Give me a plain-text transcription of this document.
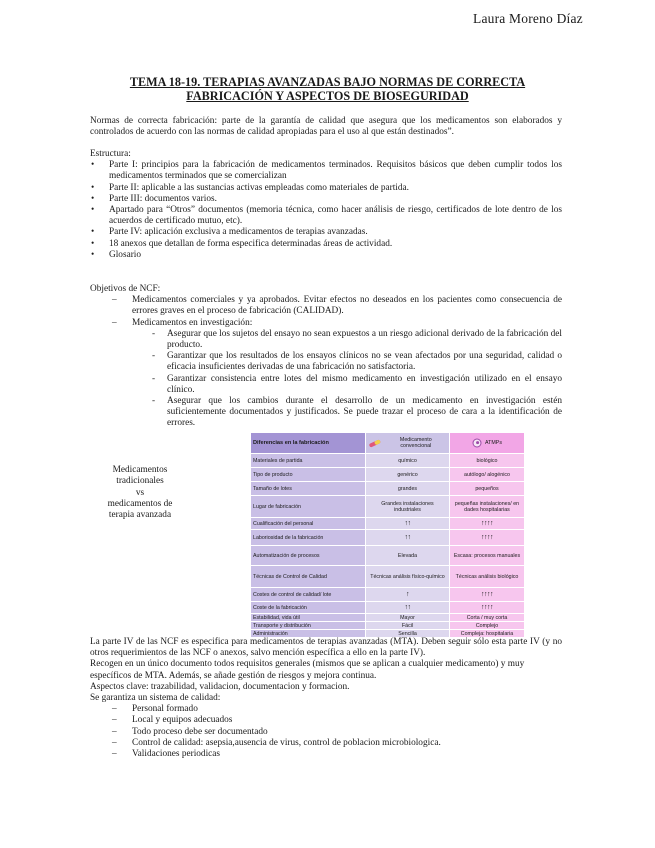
Laura Moreno Díaz
TEMA 18-19. TERAPIAS AVANZADAS BAJO NORMAS DE CORRECTA
FABRICACIÓN Y ASPECTOS DE BIOSEGURIDAD
Normas de correcta fabricación: parte de la garantía de calidad que asegura que los medicamentos son elaborados y controlados de acuerdo con las normas de calidad apropiadas para el uso al que están destinados”.
Estructura:
• Parte I: principios para la fabricación de medicamentos terminados. Requisitos básicos que deben cumplir todos los medicamentos terminados que se comercializan
• Parte II: aplicable a las sustancias activas empleadas como materiales de partida.
• Parte III: documentos varios.
• Apartado para “Otros” documentos (memoria técnica, como hacer análisis de riesgo, certificados de lote dentro de los acuerdos de certificado mutuo, etc).
• Parte IV: aplicación exclusiva a medicamentos de terapias avanzadas.
• 18 anexos que detallan de forma especifica determinadas áreas de actividad.
• Glosario
Objetivos de NCF:
– Medicamentos comerciales y ya aprobados. Evitar efectos no deseados en los pacientes como consecuencia de errores graves en el proceso de fabricación (CALIDAD).
– Medicamentos en investigación:
- Asegurar que los sujetos del ensayo no sean expuestos a un riesgo adicional derivado de la fabricación del producto.
- Garantizar que los resultados de los ensayos clínicos no se vean afectados por una seguridad, calidad o eficacia insuficientes derivadas de una fabricación no satisfactoria.
- Garantizar consistencia entre lotes del mismo medicamento en investigación utilizado en el ensayo clínico.
- Asegurar que los cambios durante el desarrollo de un medicamento en investigación estén suficientemente documentados y justificados. Se puede trazar el proceso de cara a la identificación de errores.
Medicamentos
tradicionales
vs
medicamentos de
terapia avanzada
Diferencias en la fabricación	Medicamento convencional	ATMPs

Materiales de partida	químico	biológico
Tipo de producto	genérico	autólogo/ alogénico
Tamaño de lotes	grandes	pequeños
Lugar de fabricación	Grandes instalaciones industriales	pequeñas instalaciones/ en dades hospitalarias
Cualificación del personal	↑↑	↑↑↑↑
Laboriosidad de la fabricación	↑↑	↑↑↑↑
Automatización de procesos	Elevada	Escasa: procesos manuales
Técnicas de Control de Calidad	Técnicas análisis físico-químico	Técnicas análisis biológico
Costes de control de calidad/ lote	↑	↑↑↑↑
Coste de la fabricación	↑↑	↑↑↑↑
Estabilidad, vida útil	Mayor	Corta / muy corta
Transporte y distribución	Fácil	Complejo
Administración	Sencilla	Compleja: hospitalaria
La parte IV de las NCF es especifica para medicamentos de terapias avanzadas (MTA). Deben seguir sólo esta parte IV (y no otros requerimientos de las NCF o anexos, salvo mención específica a ello en la parte IV).
Recogen en un único documento todos requisitos generales (mismos que se aplican a cualquier medicamento) y muy específicos de MTA. Además, se añade gestión de riesgos y mejora continua.
Aspectos clave: trazabilidad, validacion, documentacion y formacion.
Se garantiza un sistema de calidad:
– Personal formado
– Local y equipos adecuados
– Todo proceso debe ser documentado
– Control de calidad: asepsia,ausencia de virus, control de poblacion microbiologica.
– Validaciones periodicas
